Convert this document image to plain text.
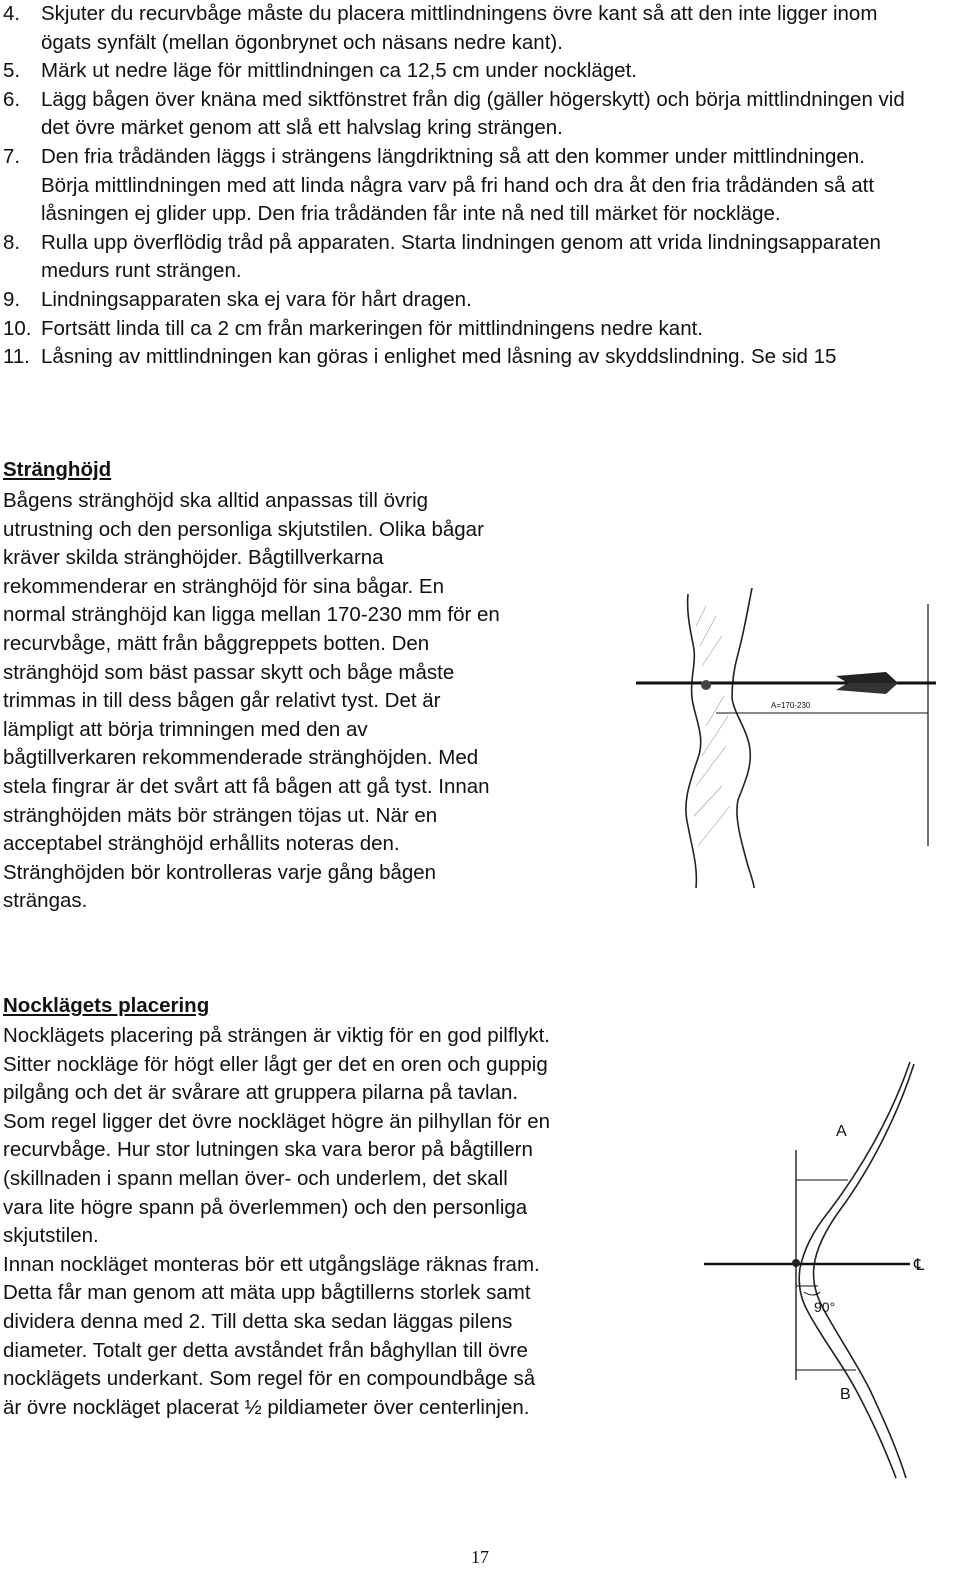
4.	Skjuter du recurvbåge måste du placera mittlindningens övre kant så att den inte ligger inom ögats synfält (mellan ögonbrynet och näsans nedre kant).
5.	Märk ut nedre läge för mittlindningen ca 12,5 cm under nockläget.
6.	Lägg bågen över knäna med siktfönstret från dig (gäller högerskytt) och börja mittlindningen vid det övre märket genom att slå ett halvslag kring strängen.
7.	Den fria trådänden läggs i strängens längdriktning så att den kommer under mittlindningen. Börja mittlindningen med att linda några varv på fri hand och dra åt den fria trådänden så att låsningen ej glider upp. Den fria trådänden får inte nå ned till märket för nockläge.
8.	Rulla upp överflödig tråd på apparaten. Starta lindningen genom att vrida lindningsapparaten medurs runt strängen.
9.	Lindningsapparaten ska ej vara för hårt dragen.
10. Fortsätt linda till ca 2 cm från markeringen för mittlindningens nedre kant.
11. Låsning av mittlindningen kan göras i enlighet med låsning av skyddslindning. Se sid 15
Stränghöjd
Bågens stränghöjd ska alltid anpassas till övrig
utrustning och den personliga skjutstilen. Olika bågar
kräver skilda stränghöjder. Bågtillverkarna
rekommenderar en stränghöjd för sina bågar. En
normal stränghöjd kan ligga mellan 170-230 mm för en
recurvbåge, mätt från båggreppets botten. Den
stränghöjd som bäst passar skytt och båge måste
trimmas in till dess bågen går relativt tyst. Det är
lämpligt att börja trimningen med den av
bågtillverkaren rekommenderade stränghöjden. Med
stela fingrar är det svårt att få bågen att gå tyst. Innan
stränghöjden mäts bör strängen töjas ut. När en
acceptabel stränghöjd erhållits noteras den.
Stränghöjden bör kontrolleras varje gång bågen
strängas.
A=170-230
Nocklägets placering
Nocklägets placering på strängen är viktig för en god pilflykt.
Sitter nockläge för högt eller lågt ger det en oren och guppig
pilgång och det är svårare att gruppera pilarna på tavlan.
Som regel ligger det övre nockläget högre än pilhyllan för en
recurvbåge. Hur stor lutningen ska vara beror på bågtillern
(skillnaden i spann mellan över- och underlem, det skall
vara lite högre spann på överlemmen) och den personliga
skjutstilen.
Innan nockläget monteras bör ett utgångsläge räknas fram.
Detta får man genom att mäta upp bågtillerns storlek samt
dividera denna med 2. Till detta ska sedan läggas pilens
diameter. Totalt ger detta avståndet från båghyllan till övre
nocklägets underkant. Som regel för en compoundbåge så
är övre nockläget placerat ½ pildiameter över centerlinjen.
A
B
℄
90°
17
